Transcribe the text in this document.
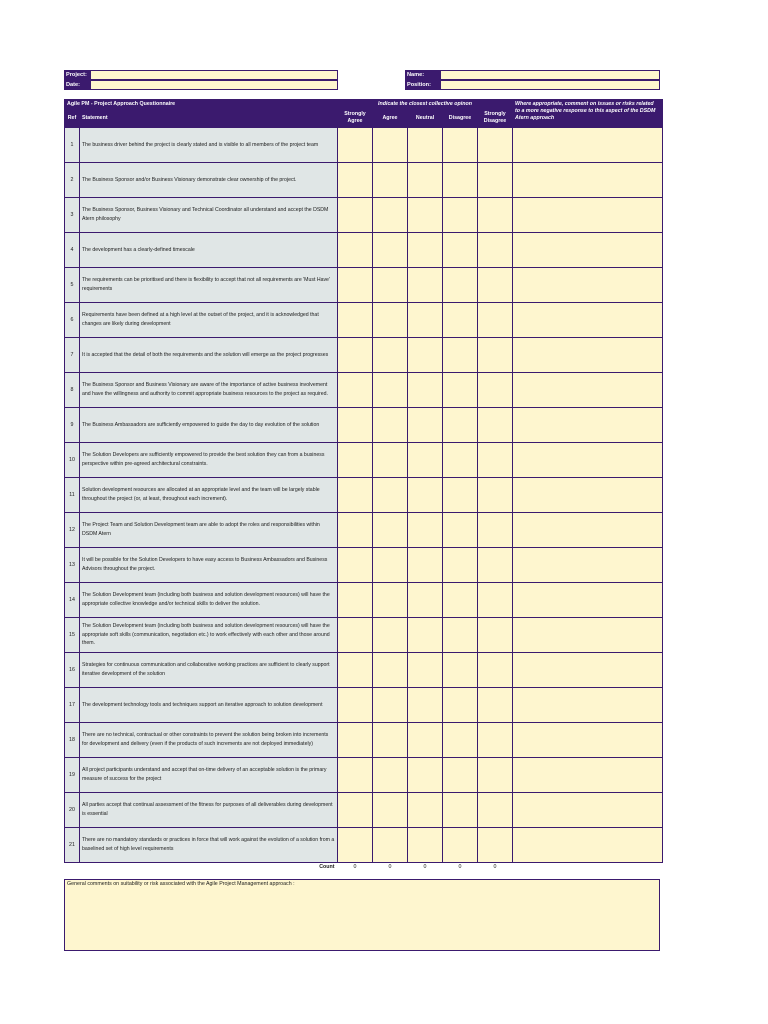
Project:
Date:
Name:
Position:
Agile PM - Project Approach Questionnaire		Indicate the closest collective opinon					Where appropriate, comment on issues or risks related to a more negative response to this aspect of the DSDM Atern approach
Ref	Statement	Strongly Agree	Agree	Neutral	Disagree	Strongly Disagree	
1	The business driver behind the project is clearly stated and is visible to all members of the project team						
2	The Business Sponsor and/or Business Visionary demonstrate clear ownership of the project.						
3	The Business Sponsor, Business Visionary and Technical Coordinator all understand and accept the DSDM Atern philosophy						
4	The development has a clearly-defined timescale						
5	The requirements can be prioritised and there is flexibility to accept that not all requirements are 'Must Have' requirements						
6	Requirements have been defined at a high level at the outset of the project, and it is acknowledged that changes are likely during development						
7	It is accepted that the detail of both the requirements and the solution will emerge as the project progresses						
8	The Business Sponsor and Business Visionary are aware of the importance of active business involvement and have the willingness and authority to commit appropriate business resources to the project as required.						
9	The Business Ambassadors are sufficiently empowered to guide the day to day evolution of the solution						
10	The Solution Developers are sufficiently empowered to provide the best solution they can from a business perspective within pre-agreed architectural constraints.						
11	Solution development resources are allocated at an appropriate level and the team will be largely stable throughout the project (or, at least, throughout each increment).						
12	The Project Team and Solution Development team are able to adopt the roles and responsibilities within DSDM Atern						
13	It will be possible for the Solution Developers to have easy access to Business Ambassadors and Business Advisors throughout the project.						
14	The Solution Development team (including both business and solution development resources) will have the appropriate collective knowledge and/or technical skills to deliver the solution.						
15	The Solution Development team (including both business and solution development resources) will have the appropriate soft skills (communication, negotiation etc.) to work effectively with each other and those around them.						
16	Strategies for continuous communication and collaborative working practices are sufficient to clearly support iterative development of the solution						
17	The development technology tools and techniques support an iterative approach to solution development						
18	There are no technical, contractual or other constraints to prevent the solution being broken into increments for development and delivery (even if the products of such increments are not deployed immediately)						
19	All project participants understand and accept that on-time delivery of an acceptable solution is the primary measure of success for the project						
20	All parties accept that continual assessment of the fitness for purposes of all deliverables during development is essential						
21	There are no mandatory standards or practices in force that will work against the evolution of a solution from a baselined set of high level requirements						
	Count	0	0	0	0	0	
General comments on suitability or risk associated with the Agile Project Management approach :
